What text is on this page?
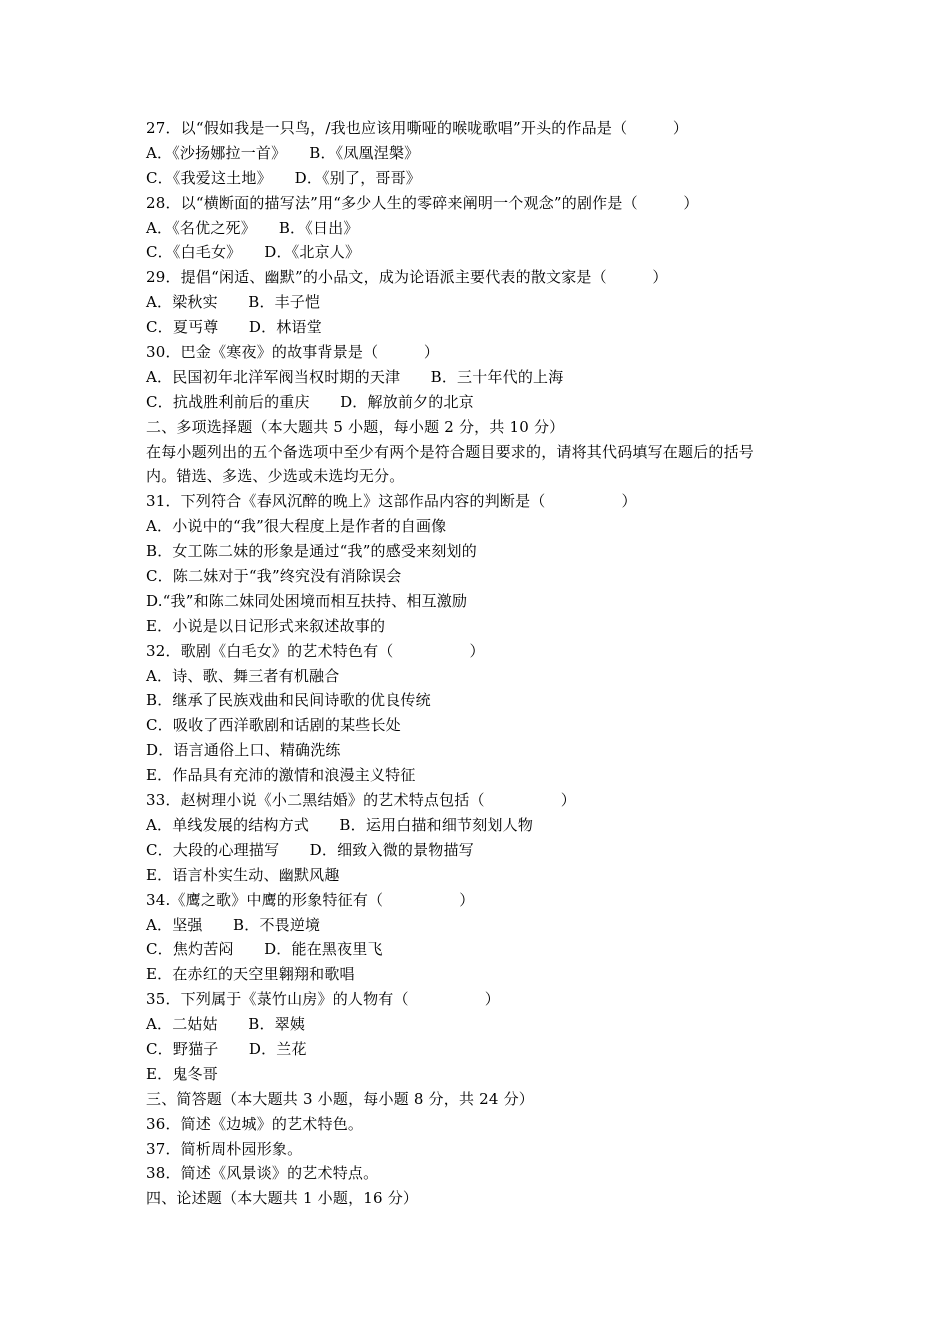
27．以“假如我是一只鸟，/我也应该用嘶哑的喉咙歌唱”开头的作品是（　　　）
A．《沙扬娜拉一首》　　B．《凤凰涅槃》
C．《我爱这土地》　　D．《别了，哥哥》
28．以“横断面的描写法”用“多少人生的零碎来阐明一个观念”的剧作是（　　　）
A．《名优之死》　　B．《日出》
C．《白毛女》　　D．《北京人》
29．提倡“闲适、幽默”的小品文，成为论语派主要代表的散文家是（　　　）
A．梁秋实　　B．丰子恺
C．夏丐尊　　D．林语堂
30．巴金《寒夜》的故事背景是（　　　）
A．民国初年北洋军阀当权时期的天津　　B．三十年代的上海
C．抗战胜利前后的重庆　　D．解放前夕的北京
二、多项选择题（本大题共 5 小题，每小题 2 分，共 10 分）
在每小题列出的五个备选项中至少有两个是符合题目要求的，请将其代码填写在题后的括号
内。错选、多选、少选或未选均无分。
31．下列符合《春风沉醉的晚上》这部作品内容的判断是（　　　　　）
A．小说中的“我”很大程度上是作者的自画像
B．女工陈二妹的形象是通过“我”的感受来刻划的
C．陈二妹对于“我”终究没有消除误会
D.“我”和陈二妹同处困境而相互扶持、相互激励
E．小说是以日记形式来叙述故事的
32．歌剧《白毛女》的艺术特色有（　　　　　）
A．诗、歌、舞三者有机融合
B．继承了民族戏曲和民间诗歌的优良传统
C．吸收了西洋歌剧和话剧的某些长处
D．语言通俗上口、精确洗练
E．作品具有充沛的激情和浪漫主义特征
33．赵树理小说《小二黑结婚》的艺术特点包括（　　　　　）
A．单线发展的结构方式　　B．运用白描和细节刻划人物
C．大段的心理描写　　D．细致入微的景物描写
E．语言朴实生动、幽默风趣
34.《鹰之歌》中鹰的形象特征有（　　　　　）
A．坚强　　B．不畏逆境
C．焦灼苦闷　　D．能在黑夜里飞
E．在赤红的天空里翱翔和歌唱
35．下列属于《菉竹山房》的人物有（　　　　　）
A．二姑姑　　B．翠姨
C．野猫子　　D．兰花
E．鬼冬哥
三、简答题（本大题共 3 小题，每小题 8 分，共 24 分）
36．简述《边城》的艺术特色。
37．简析周朴园形象。
38．简述《风景谈》的艺术特点。
四、论述题（本大题共 1 小题，16 分）
